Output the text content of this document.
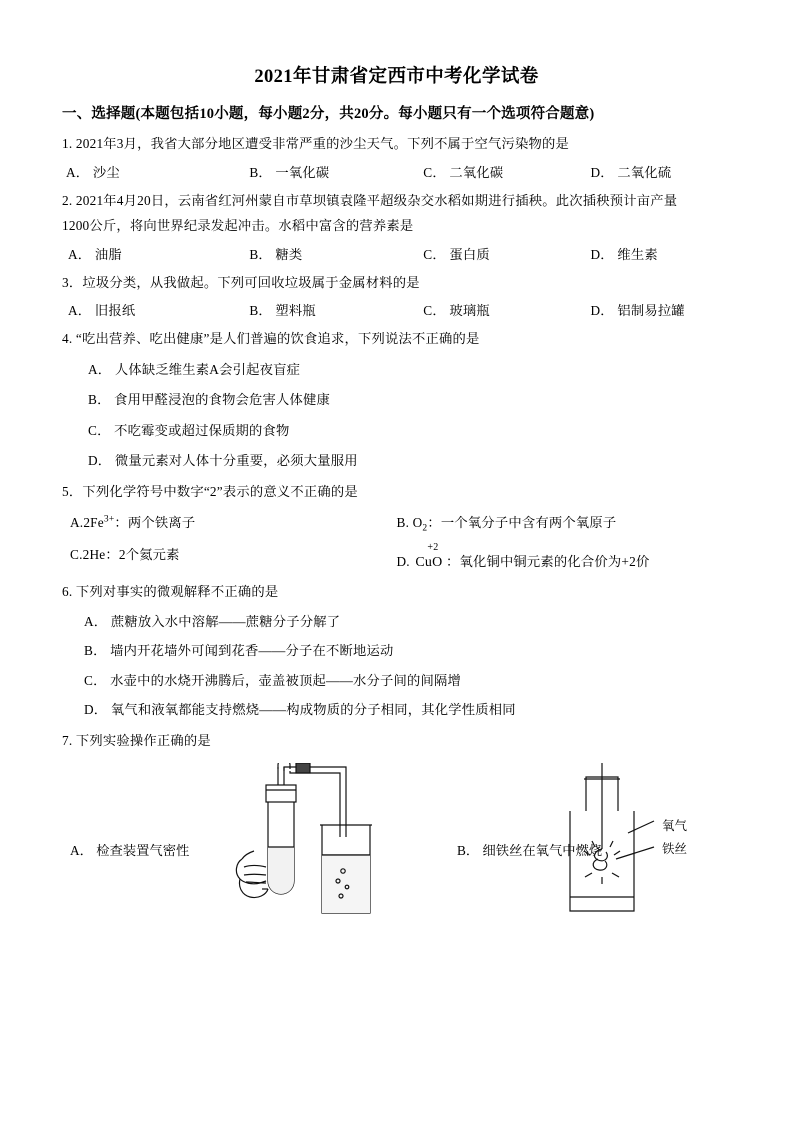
2021年甘肃省定西市中考化学试卷
一、选择题(本题包括10小题，每小题2分，共20分。每小题只有一个选项符合题意)
1. 2021年3月，我省大部分地区遭受非常严重的沙尘天气。下列不属于空气污染物的是
A． 沙尘	B． 一氧化碳	C． 二氧化碳	D． 二氧化硫
2. 2021年4月20日，云南省红河州蒙自市草坝镇袁隆平超级杂交水稻如期进行插秧。此次插秧预计亩产量
1200公斤，将向世界纪录发起冲击。水稻中富含的营养素是
A． 油脂	B． 糖类	C． 蛋白质	D． 维生素
3．垃圾分类，从我做起。下列可回收垃圾属于金属材料的是
A． 旧报纸	B． 塑料瓶	C． 玻璃瓶	D． 铝制易拉罐
4. “吃出营养、吃出健康”是人们普遍的饮食追求，下列说法不正确的是
A． 人体缺乏维生素A会引起夜盲症
B． 食用甲醛浸泡的食物会危害人体健康
C． 不吃霉变或超过保质期的食物
D． 微量元素对人体十分重要，必须大量服用
5．下列化学符号中数字“2”表示的意义不正确的是
$A.2Fe^{3+}$：两个铁离子	B. $O_2$：一个氧分子中含有两个氧原子
C.2He：2个氦元素	D.
+2
CuO ：氧化铜中铜元素的化合价为+2价
6. 下列对事实的微观解释不正确的是
A． 蔗糖放入水中溶解——蔗糖分子分解了
B． 墙内开花墙外可闻到花香——分子在不断地运动
C． 水壶中的水烧开沸腾后，壶盖被顶起——水分子间的间隔增
D． 氧气和液氧都能支持燃烧——构成物质的分子相同，其化学性质相同
7. 下列实验操作正确的是
A． 检查装置气密性	B． 细铁丝在氧气中燃烧
氧气
铁丝
